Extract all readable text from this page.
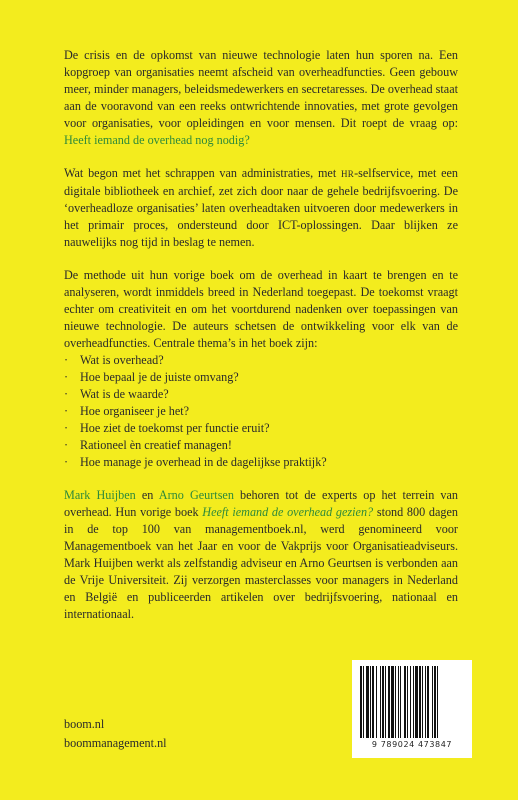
De crisis en de opkomst van nieuwe technologie laten hun sporen na. Een kopgroep van organisaties neemt afscheid van overheadfuncties. Geen gebouw meer, minder managers, beleidsmedewerkers en secretaresses. De overhead staat aan de vooravond van een reeks ontwrichtende innovaties, met grote gevolgen voor organisaties, voor opleidingen en voor mensen. Dit roept de vraag op: Heeft iemand de overhead nog nodig?

Wat begon met het schrappen van administraties, met HR-selfservice, met een digitale bibliotheek en archief, zet zich door naar de gehele bedrijfsvoering. De ‘overheadloze organisaties’ laten overheadtaken uitvoeren door medewerkers in het primair proces, ondersteund door ICT-oplossingen. Daar blijken ze nauwelijks nog tijd in beslag te nemen.

De methode uit hun vorige boek om de overhead in kaart te brengen en te analyseren, wordt inmiddels breed in Nederland toegepast. De toekomst vraagt echter om creativiteit en om het voortdurend nadenken over toepassingen van nieuwe technologie. De auteurs schetsen de ontwikkeling voor elk van de overheadfuncties. Centrale thema’s in het boek zijn:

· Wat is overhead?
· Hoe bepaal je de juiste omvang?
· Wat is de waarde?
· Hoe organiseer je het?
· Hoe ziet de toekomst per functie eruit?
· Rationeel èn creatief managen!
· Hoe manage je overhead in de dagelijkse praktijk?

Mark Huijben en Arno Geurtsen behoren tot de experts op het terrein van overhead. Hun vorige boek Heeft iemand de overhead gezien? stond 800 dagen in de top 100 van managementboek.nl, werd genomineerd voor Managementboek van het Jaar en voor de Vakprijs voor Organisatieadviseurs. Mark Huijben werkt als zelfstandig adviseur en Arno Geurtsen is verbonden aan de Vrije Universiteit. Zij verzorgen masterclasses voor managers in Nederland en België en publiceerden artikelen over bedrijfsvoering, nationaal en internationaal.

boom.nl
boommanagement.nl	9 789024 473847
